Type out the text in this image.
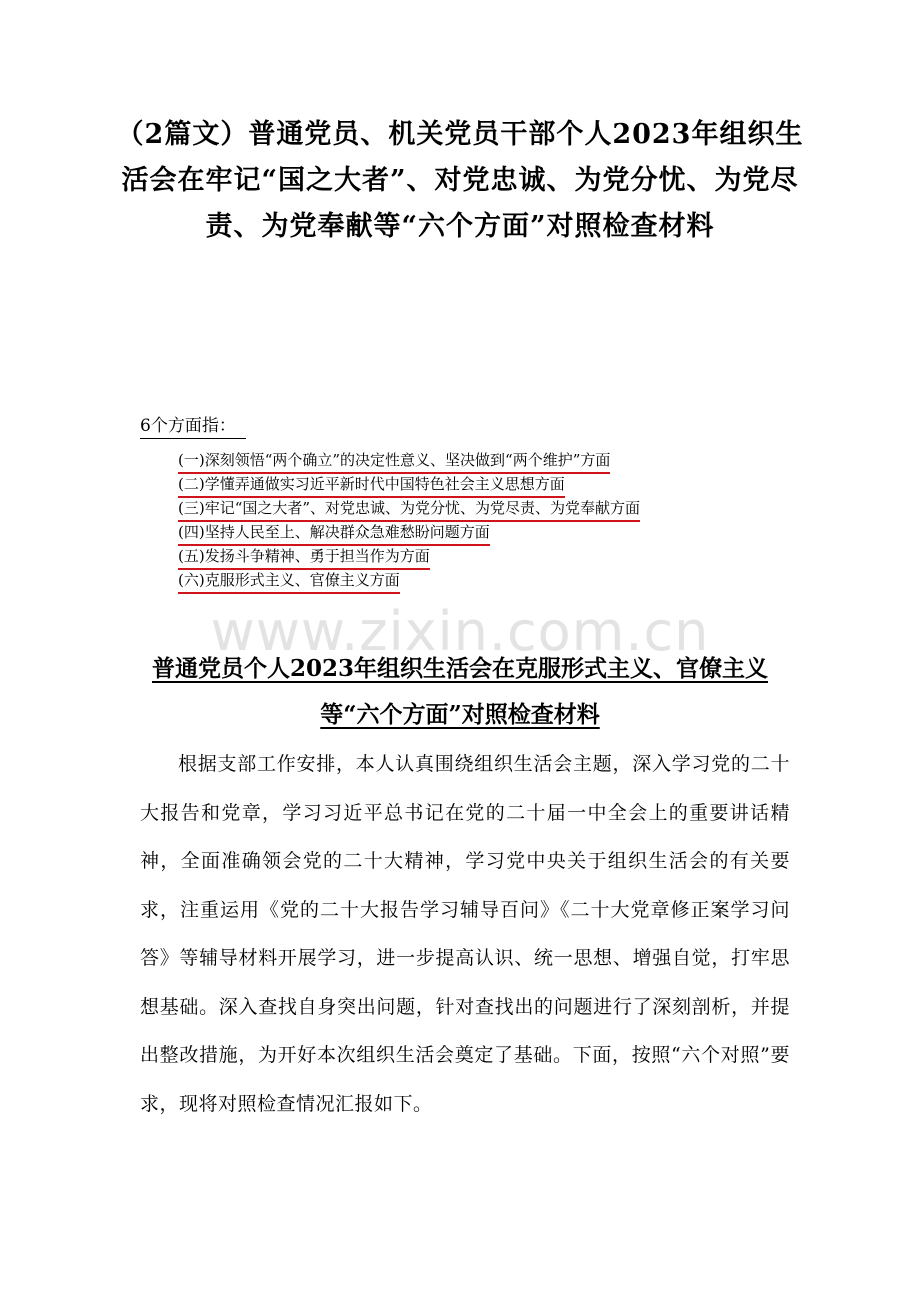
（2篇文）普通党员、机关党员干部个人2023年组织生活会在牢记“国之大者”、对党忠诚、为党分忧、为党尽责、为党奉献等“六个方面”对照检查材料

6个方面指：

(一)深刻领悟“两个确立”的决定性意义、坚决做到“两个维护”方面
(二)学懂弄通做实习近平新时代中国特色社会主义思想方面
(三)牢记“国之大者”、对党忠诚、为党分忧、为党尽责、为党奉献方面
(四)坚持人民至上、解决群众急难愁盼问题方面
(五)发扬斗争精神、勇于担当作为方面
(六)克服形式主义、官僚主义方面
www.zixin.com.cn
普通党员个人2023年组织生活会在克服形式主义、官僚主义等“六个方面”对照检查材料

根据支部工作安排，本人认真围绕组织生活会主题，深入学习党的二十大报告和党章，学习习近平总书记在党的二十届一中全会上的重要讲话精神，全面准确领会党的二十大精神，学习党中央关于组织生活会的有关要求，注重运用《党的二十大报告学习辅导百问》《二十大党章修正案学习问答》等辅导材料开展学习，进一步提高认识、统一思想、增强自觉，打牢思想基础。深入查找自身突出问题，针对查找出的问题进行了深刻剖析，并提出整改措施，为开好本次组织生活会奠定了基础。下面，按照“六个对照”要求，现将对照检查情况汇报如下。
